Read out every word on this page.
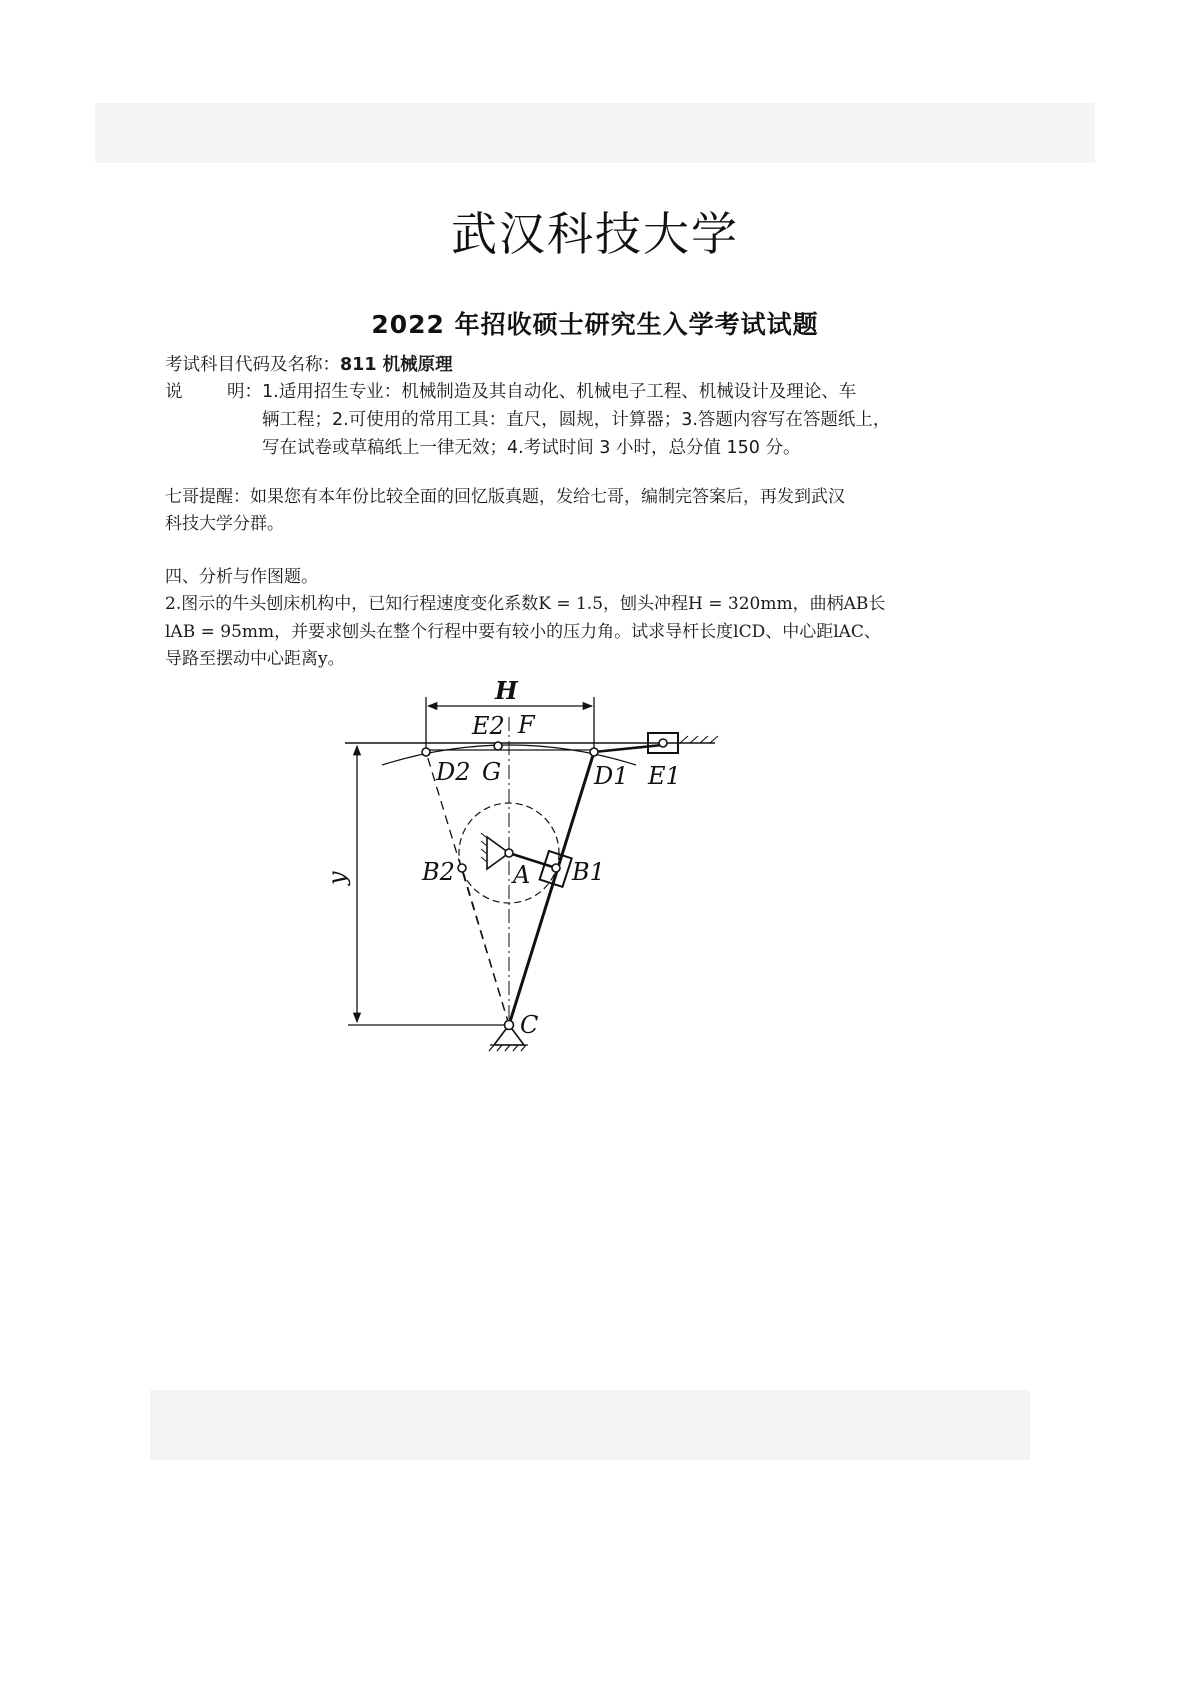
武汉科技大学
2022 年招收硕士研究生入学考试试题
考试科目代码及名称：811 机械原理
说        明： 1.适用招生专业：机械制造及其自动化、机械电子工程、机械设计及理论、车
辆工程；2.可使用的常用工具：直尺，圆规，计算器；3.答题内容写在答题纸上，
写在试卷或草稿纸上一律无效；4.考试时间 3 小时，总分值 150 分。
七哥提醒：如果您有本年份比较全面的回忆版真题，发给七哥，编制完答案后，再发到武汉
科技大学分群。
四、分析与作图题。
2.图示的牛头刨床机构中，已知行程速度变化系数K = 1.5，刨头冲程H = 320mm，曲柄AB长
lAB = 95mm，并要求刨头在整个行程中要有较小的压力角。试求导杆长度lCD、中心距lAC、
导路至摆动中心距离y。
H
E2 F
D2 G	D1 E1
y	B2 A B1
C
